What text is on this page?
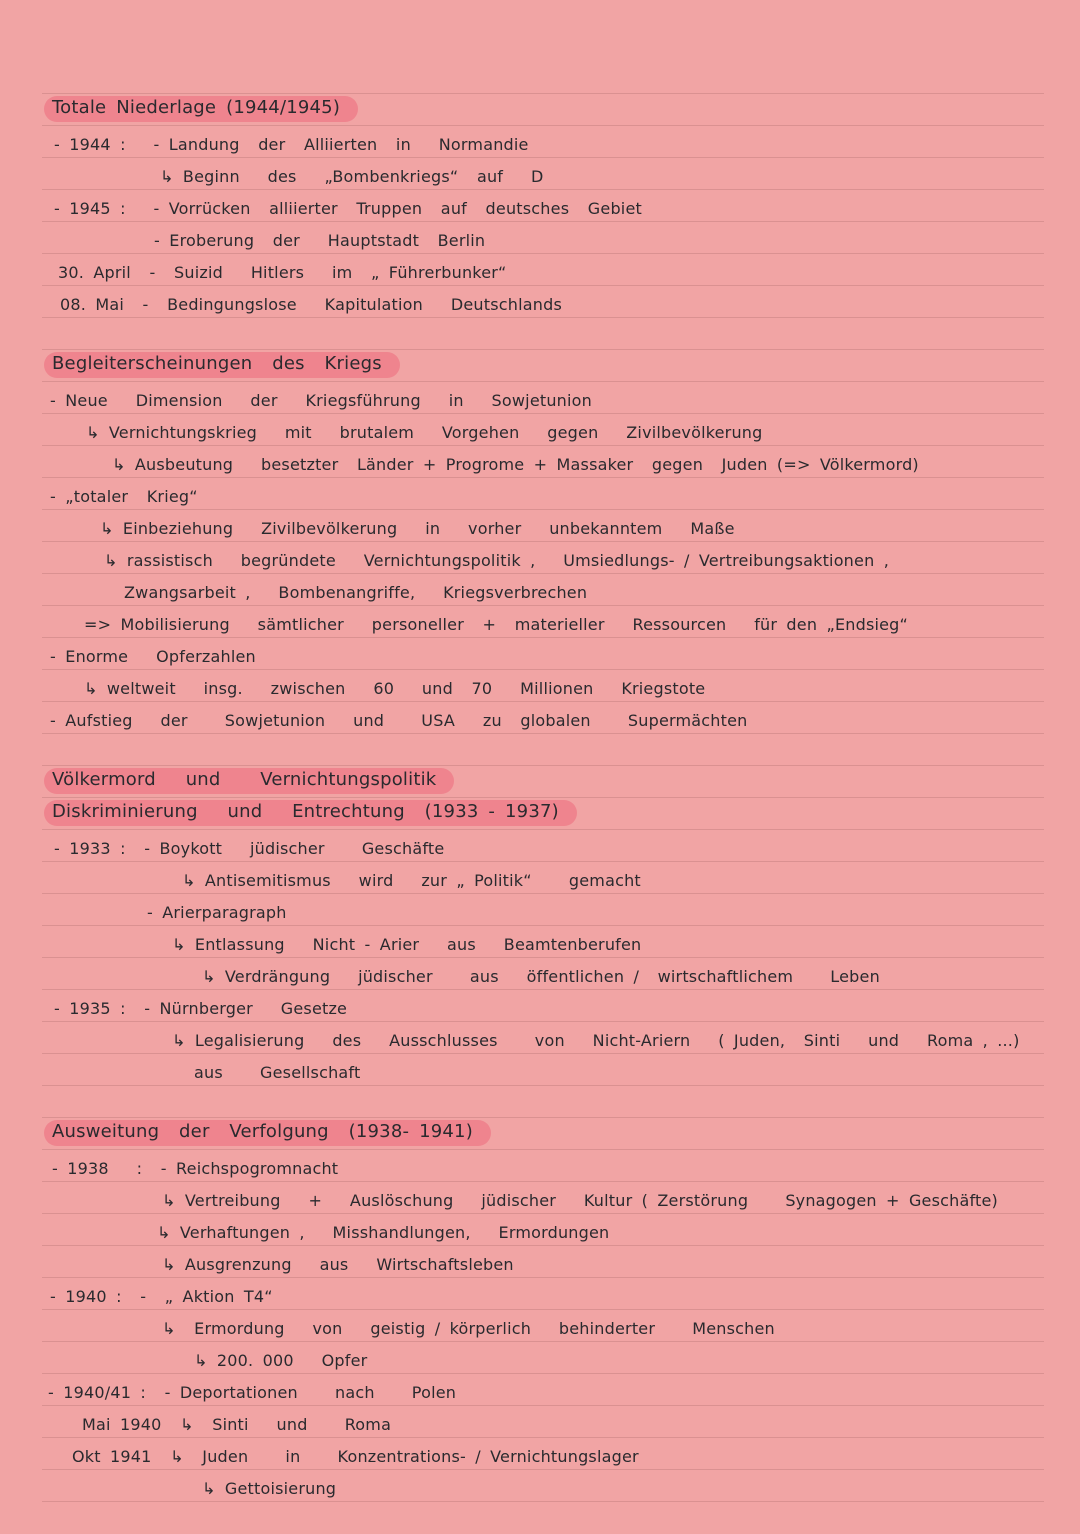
Totale Niederlage (1944/1945)
- 1944 :   - Landung  der  Alliierten  in   Normandie
↳ Beginn   des   „Bombenkriegs“  auf   D
- 1945 :   - Vorrücken  alliierter  Truppen  auf  deutsches  Gebiet
- Eroberung  der   Hauptstadt  Berlin
30. April  -  Suizid   Hitlers   im  „ Führerbunker“
08. Mai  -  Bedingungslose   Kapitulation   Deutschlands
Begleiterscheinungen  des  Kriegs
- Neue   Dimension   der   Kriegsführung   in   Sowjetunion
↳ Vernichtungskrieg   mit   brutalem   Vorgehen   gegen   Zivilbevölkerung
↳ Ausbeutung   besetzter  Länder + Progrome + Massaker  gegen  Juden (=> Völkermord)
- „totaler  Krieg“
↳ Einbeziehung   Zivilbevölkerung   in   vorher   unbekanntem   Maße
↳ rassistisch   begründete   Vernichtungspolitik ,   Umsiedlungs- / Vertreibungsaktionen ,
Zwangsarbeit ,   Bombenangriffe,   Kriegsverbrechen
=> Mobilisierung   sämtlicher   personeller  +  materieller   Ressourcen   für den „Endsieg“
- Enorme   Opferzahlen
↳ weltweit   insg.   zwischen   60   und  70   Millionen   Kriegstote
- Aufstieg   der    Sowjetunion   und    USA   zu  globalen    Supermächten
Völkermord   und    Vernichtungspolitik
Diskriminierung   und   Entrechtung  (1933 - 1937)
- 1933 :  - Boykott   jüdischer    Geschäfte
↳ Antisemitismus   wird   zur „ Politik“    gemacht
- Arierparagraph
↳ Entlassung   Nicht - Arier   aus   Beamtenberufen
↳ Verdrängung   jüdischer    aus   öffentlichen /  wirtschaftlichem    Leben
- 1935 :  - Nürnberger   Gesetze
↳ Legalisierung   des   Ausschlusses    von   Nicht-Ariern   ( Juden,  Sinti   und   Roma , ...)
aus    Gesellschaft
Ausweitung  der  Verfolgung  (1938- 1941)
- 1938   :  - Reichspogromnacht
↳ Vertreibung   +   Auslöschung   jüdischer   Kultur ( Zerstörung    Synagogen + Geschäfte)
↳ Verhaftungen ,   Misshandlungen,   Ermordungen
↳ Ausgrenzung   aus   Wirtschaftsleben
- 1940 :  -  „ Aktion T4“
↳  Ermordung   von   geistig / körperlich   behinderter    Menschen
↳ 200. 000   Opfer
- 1940/41 :  - Deportationen    nach    Polen
Mai 1940  ↳  Sinti   und    Roma
Okt 1941  ↳  Juden    in    Konzentrations- / Vernichtungslager
↳ Gettoisierung
